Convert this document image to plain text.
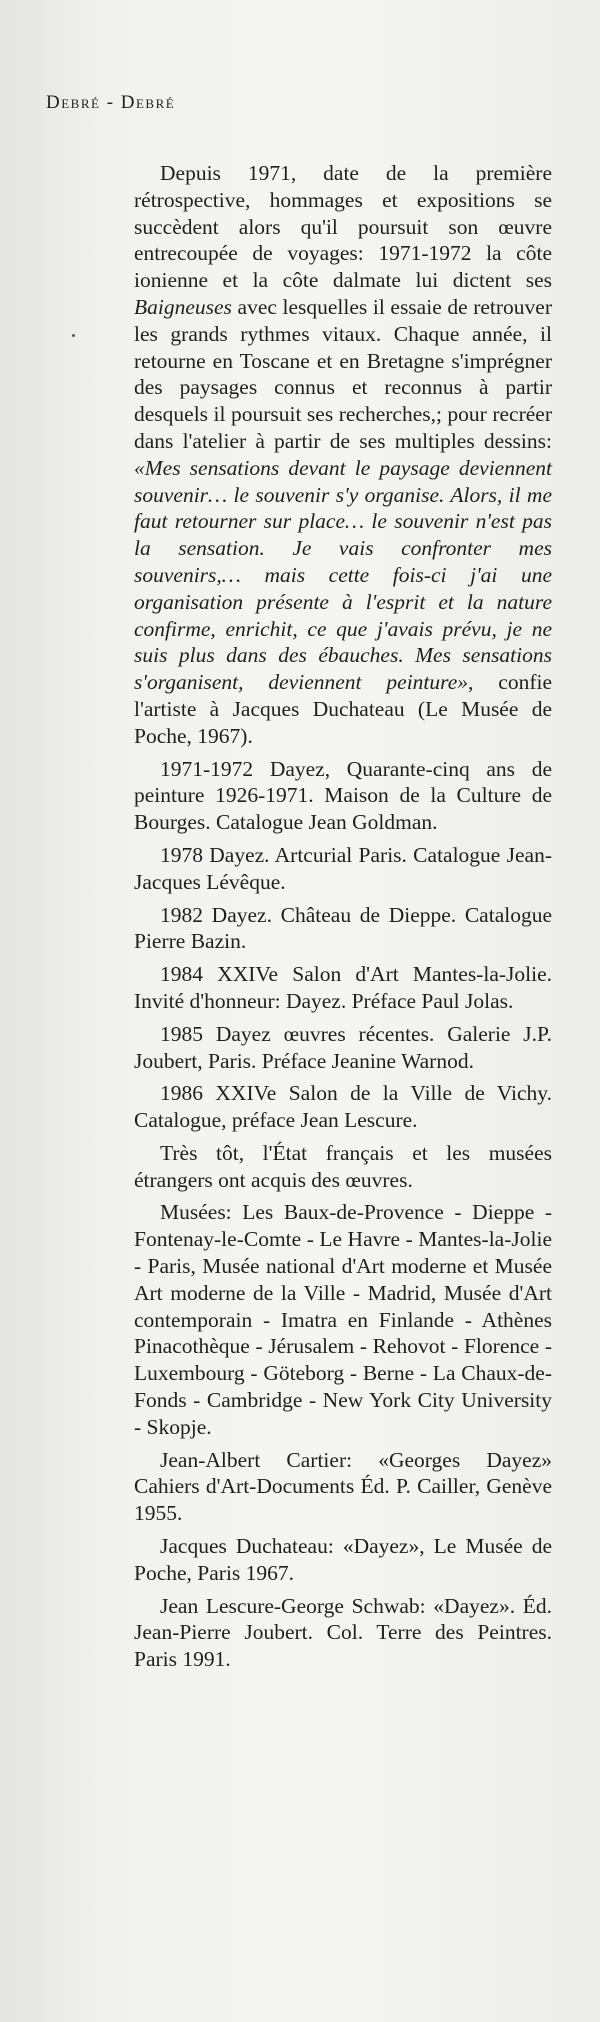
Debré - Debré

Depuis 1971, date de la première rétrospective, hommages et expositions se succèdent alors qu'il poursuit son œuvre entrecoupée de voyages: 1971-1972 la côte ionienne et la côte dalmate lui dictent ses Baigneuses avec lesquelles il essaie de retrouver les grands rythmes vitaux. Chaque année, il retourne en Toscane et en Bretagne s'imprégner des paysages connus et reconnus à partir desquels il poursuit ses recherches,; pour recréer dans l'atelier à partir de ses multiples dessins: «Mes sensations devant le paysage deviennent souvenir… le souvenir s'y organise. Alors, il me faut retourner sur place… le souvenir n'est pas la sensation. Je vais confronter mes souvenirs,… mais cette fois-ci j'ai une organisation présente à l'esprit et la nature confirme, enrichit, ce que j'avais prévu, je ne suis plus dans des ébauches. Mes sensations s'organisent, deviennent peinture», confie l'artiste à Jacques Duchateau (Le Musée de Poche, 1967).

1971-1972 Dayez, Quarante-cinq ans de peinture 1926-1971. Maison de la Culture de Bourges. Catalogue Jean Goldman.

1978 Dayez. Artcurial Paris. Catalogue Jean-Jacques Lévêque.

1982 Dayez. Château de Dieppe. Catalogue Pierre Bazin.

1984 XXIVe Salon d'Art Mantes-la-Jolie. Invité d'honneur: Dayez. Préface Paul Jolas.

1985 Dayez œuvres récentes. Galerie J.P. Joubert, Paris. Préface Jeanine Warnod.

1986 XXIVe Salon de la Ville de Vichy. Catalogue, préface Jean Lescure.

Très tôt, l'État français et les musées étrangers ont acquis des œuvres.

Musées: Les Baux-de-Provence - Dieppe - Fontenay-le-Comte - Le Havre - Mantes-la-Jolie - Paris, Musée national d'Art moderne et Musée Art moderne de la Ville - Madrid, Musée d'Art contemporain - Imatra en Finlande - Athènes Pinacothèque - Jérusalem - Rehovot - Florence - Luxembourg - Göteborg - Berne - La Chaux-de-Fonds - Cambridge - New York City University - Skopje.

Jean-Albert Cartier: «Georges Dayez» Cahiers d'Art-Documents Éd. P. Cailler, Genève 1955.

Jacques Duchateau: «Dayez», Le Musée de Poche, Paris 1967.

Jean Lescure-George Schwab: «Dayez». Éd. Jean-Pierre Joubert. Col. Terre des Peintres. Paris 1991.
